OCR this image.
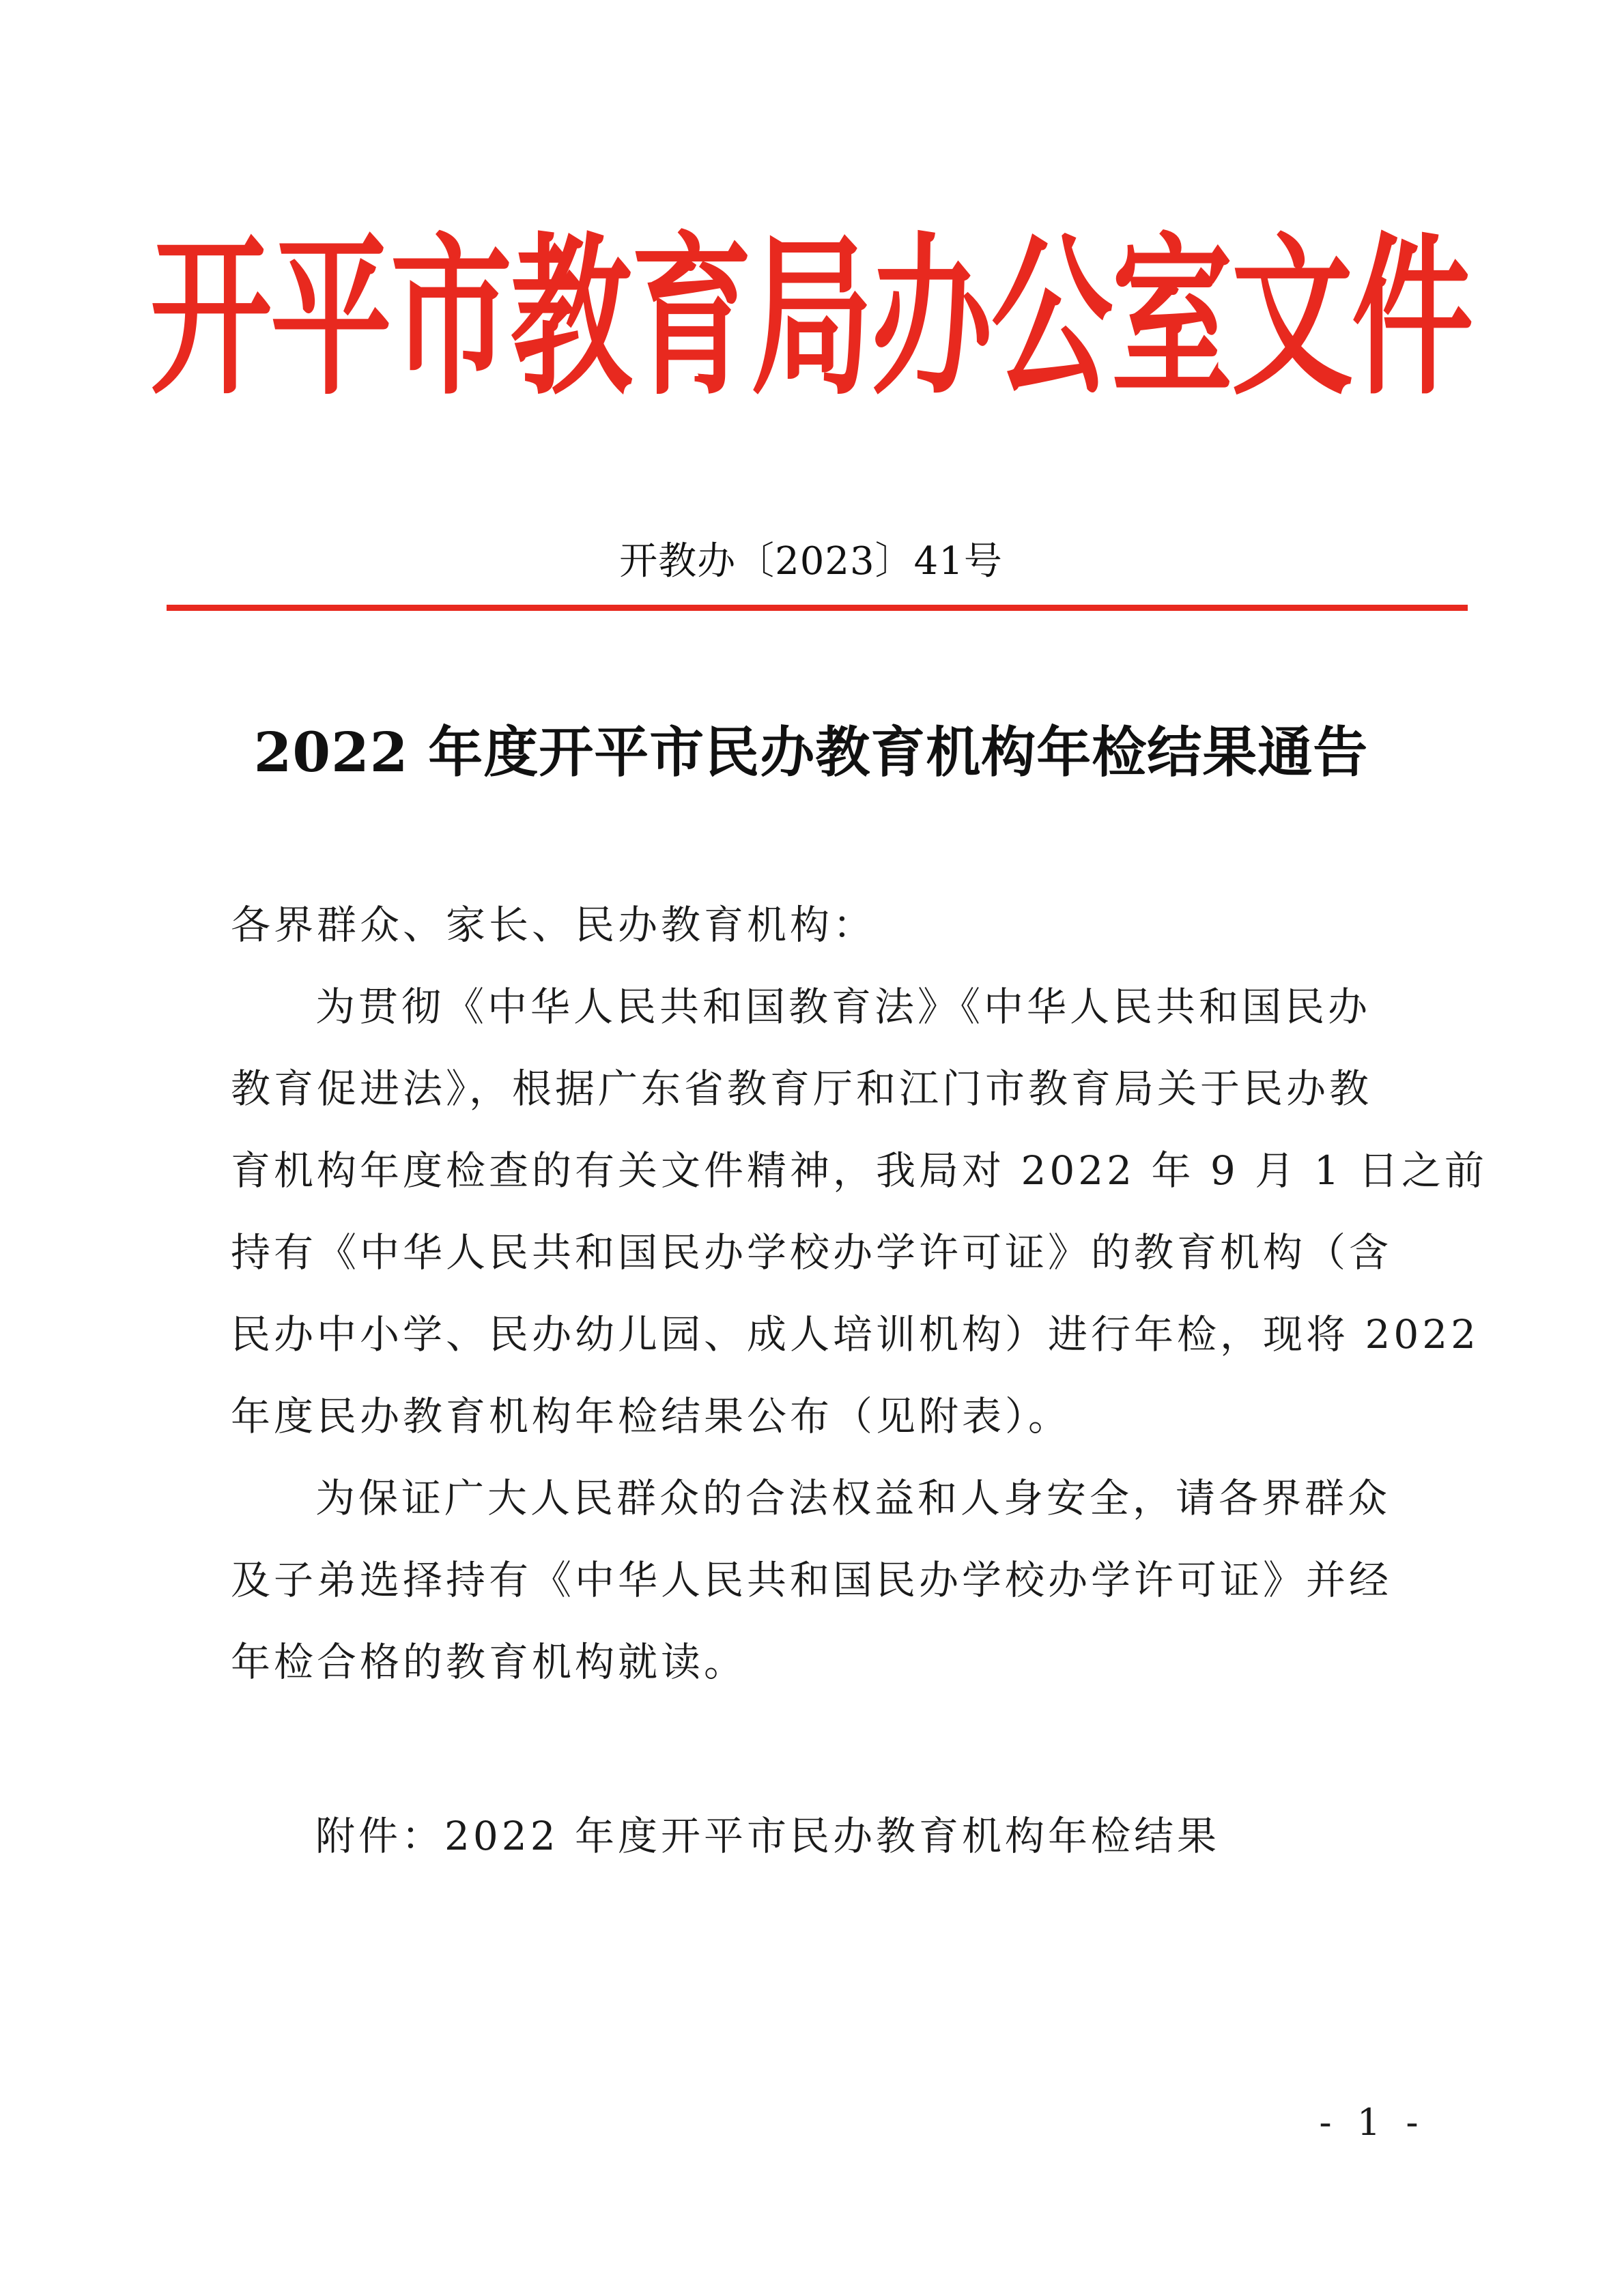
开平市教育局办公室文件
开教办〔2023〕41号
2022 年度开平市民办教育机构年检结果通告
各界群众、家长、民办教育机构：
为贯彻《中华人民共和国教育法》《中华人民共和国民办
教育促进法》，根据广东省教育厅和江门市教育局关于民办教
育机构年度检查的有关文件精神，我局对 2022 年 9 月 1 日之前
持有《中华人民共和国民办学校办学许可证》的教育机构（含
民办中小学、民办幼儿园、成人培训机构）进行年检，现将 2022
年度民办教育机构年检结果公布（见附表）。
为保证广大人民群众的合法权益和人身安全，请各界群众
及子弟选择持有《中华人民共和国民办学校办学许可证》并经
年检合格的教育机构就读。
附件：2022 年度开平市民办教育机构年检结果
- 1 -
